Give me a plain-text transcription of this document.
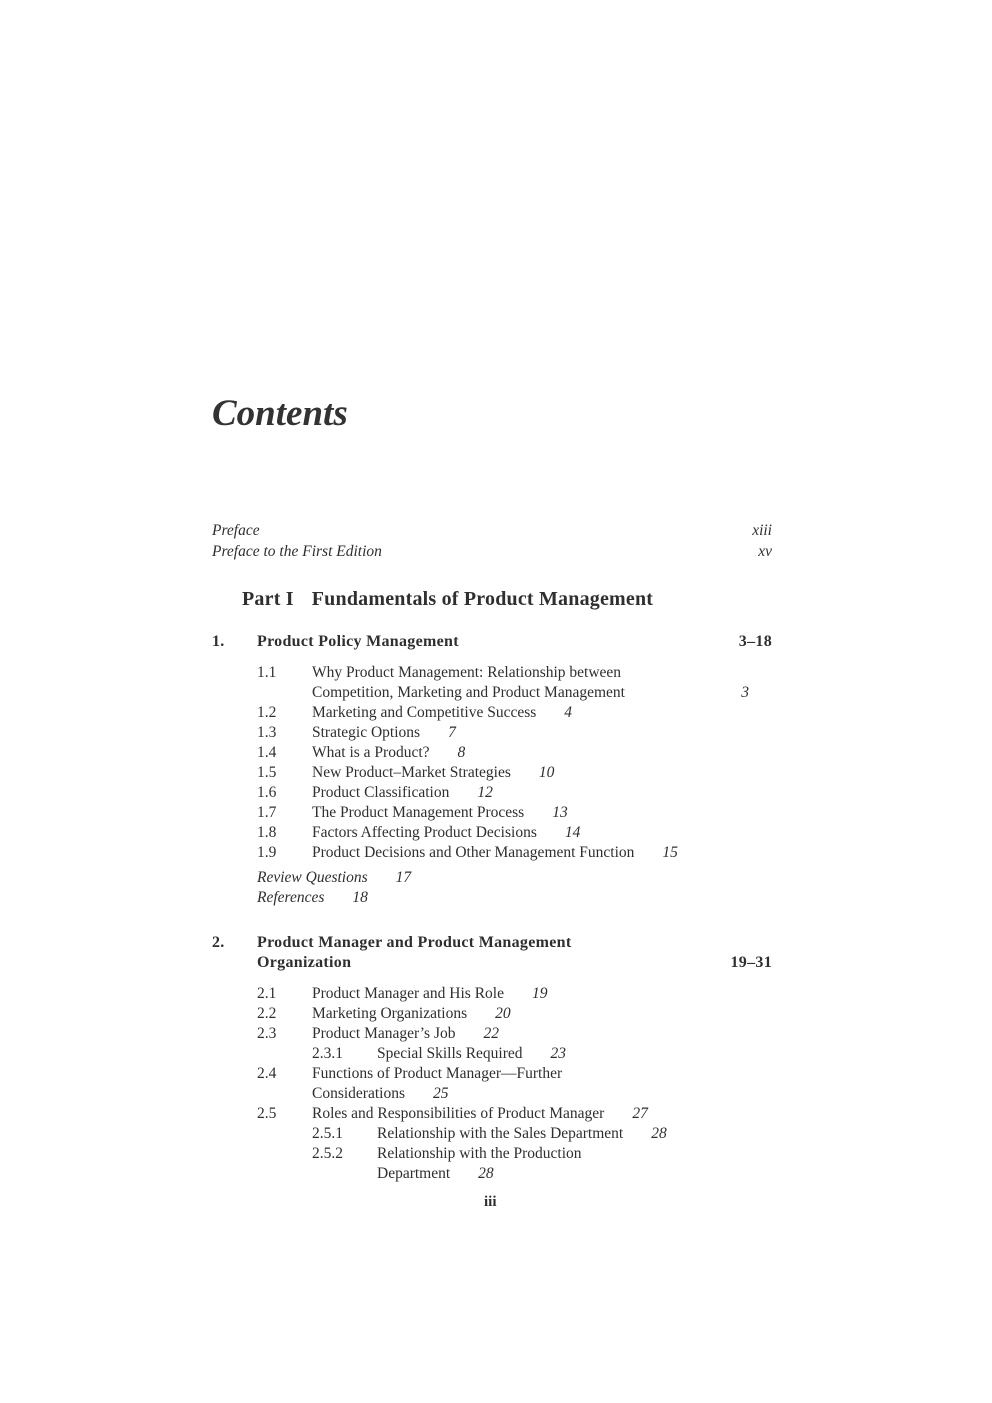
Contents
Preface	xiii
Preface to the First Edition	xv
Part I Fundamentals of Product Management
1. Product Policy Management	3–18
1.1 Why Product Management: Relationship between
Competition, Marketing and Product Management	3
1.2 Marketing and Competitive Success 4
1.3 Strategic Options 7
1.4 What is a Product? 8
1.5 New Product–Market Strategies 10
1.6 Product Classification 12
1.7 The Product Management Process 13
1.8 Factors Affecting Product Decisions 14
1.9 Product Decisions and Other Management Function 15
Review Questions 17
References 18
2. Product Manager and Product Management
Organization	19–31
2.1 Product Manager and His Role 19
2.2 Marketing Organizations 20
2.3 Product Manager’s Job 22
2.3.1 Special Skills Required 23
2.4 Functions of Product Manager—Further
Considerations 25
2.5 Roles and Responsibilities of Product Manager 27
2.5.1 Relationship with the Sales Department 28
2.5.2 Relationship with the Production
Department 28
iii
